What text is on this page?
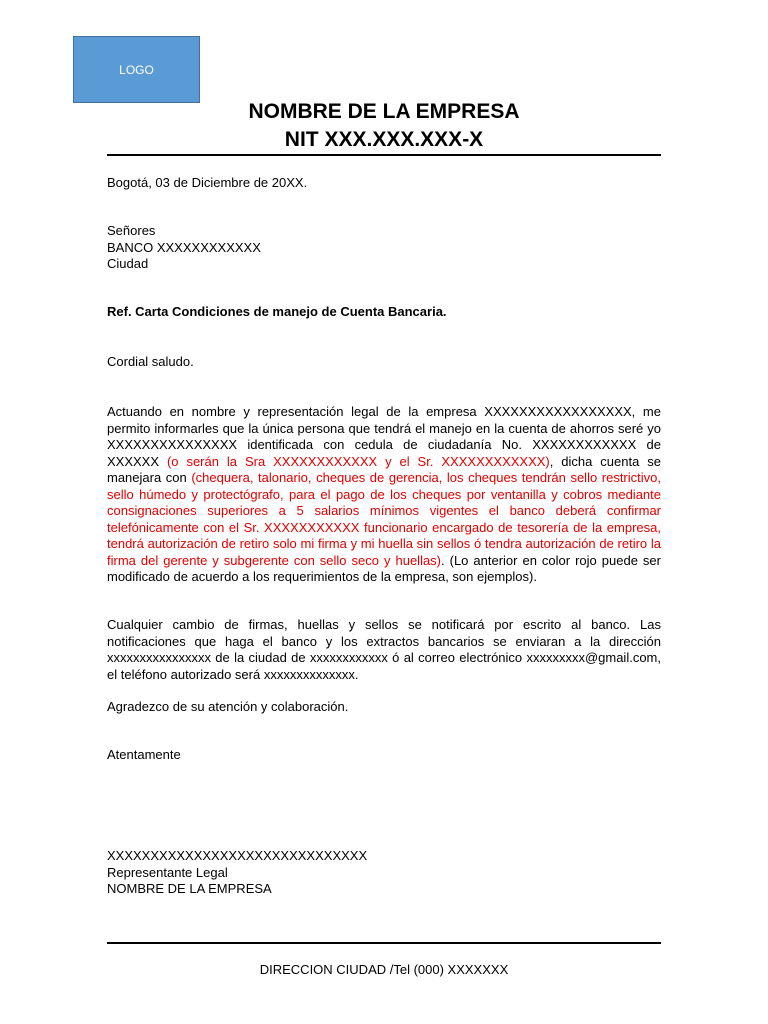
LOGO
NOMBRE DE LA EMPRESA
NIT XXX.XXX.XXX-X
Bogotá, 03 de Diciembre de 20XX.
Señores
BANCO XXXXXXXXXXXX
Ciudad
Ref. Carta Condiciones de manejo de Cuenta Bancaria.
Cordial saludo.
Actuando en nombre y representación legal de la empresa XXXXXXXXXXXXXXXXX, me permito informarles que la única persona que tendrá el manejo en la cuenta de ahorros seré yo XXXXXXXXXXXXXXX identificada con cedula de ciudadanía No. XXXXXXXXXXXX de XXXXXX (o serán la Sra XXXXXXXXXXXX y el Sr. XXXXXXXXXXXX), dicha cuenta se manejara con (chequera, talonario, cheques de gerencia, los cheques tendrán sello restrictivo, sello húmedo y protectógrafo, para el pago de los cheques por ventanilla y cobros mediante consignaciones superiores a 5 salarios mínimos vigentes el banco deberá confirmar telefónicamente con el Sr. XXXXXXXXXXX funcionario encargado de tesorería de la empresa, tendrá autorización de retiro solo mi firma y mi huella sin sellos ó tendra autorización de retiro la firma del gerente y subgerente con sello seco y huellas). (Lo anterior en color rojo puede ser modificado de acuerdo a los requerimientos de la empresa, son ejemplos).
Cualquier cambio de firmas, huellas y sellos se notificará por escrito al banco. Las notificaciones que haga el banco y los extractos bancarios se enviaran a la dirección xxxxxxxxxxxxxxxx de la ciudad de xxxxxxxxxxxx ó al correo electrónico xxxxxxxxx@gmail.com, el teléfono autorizado será xxxxxxxxxxxxxx.
Agradezco de su atención y colaboración.
Atentamente
XXXXXXXXXXXXXXXXXXXXXXXXXXXXXX
Representante Legal
NOMBRE DE LA EMPRESA
DIRECCION CIUDAD /Tel (000) XXXXXXX
